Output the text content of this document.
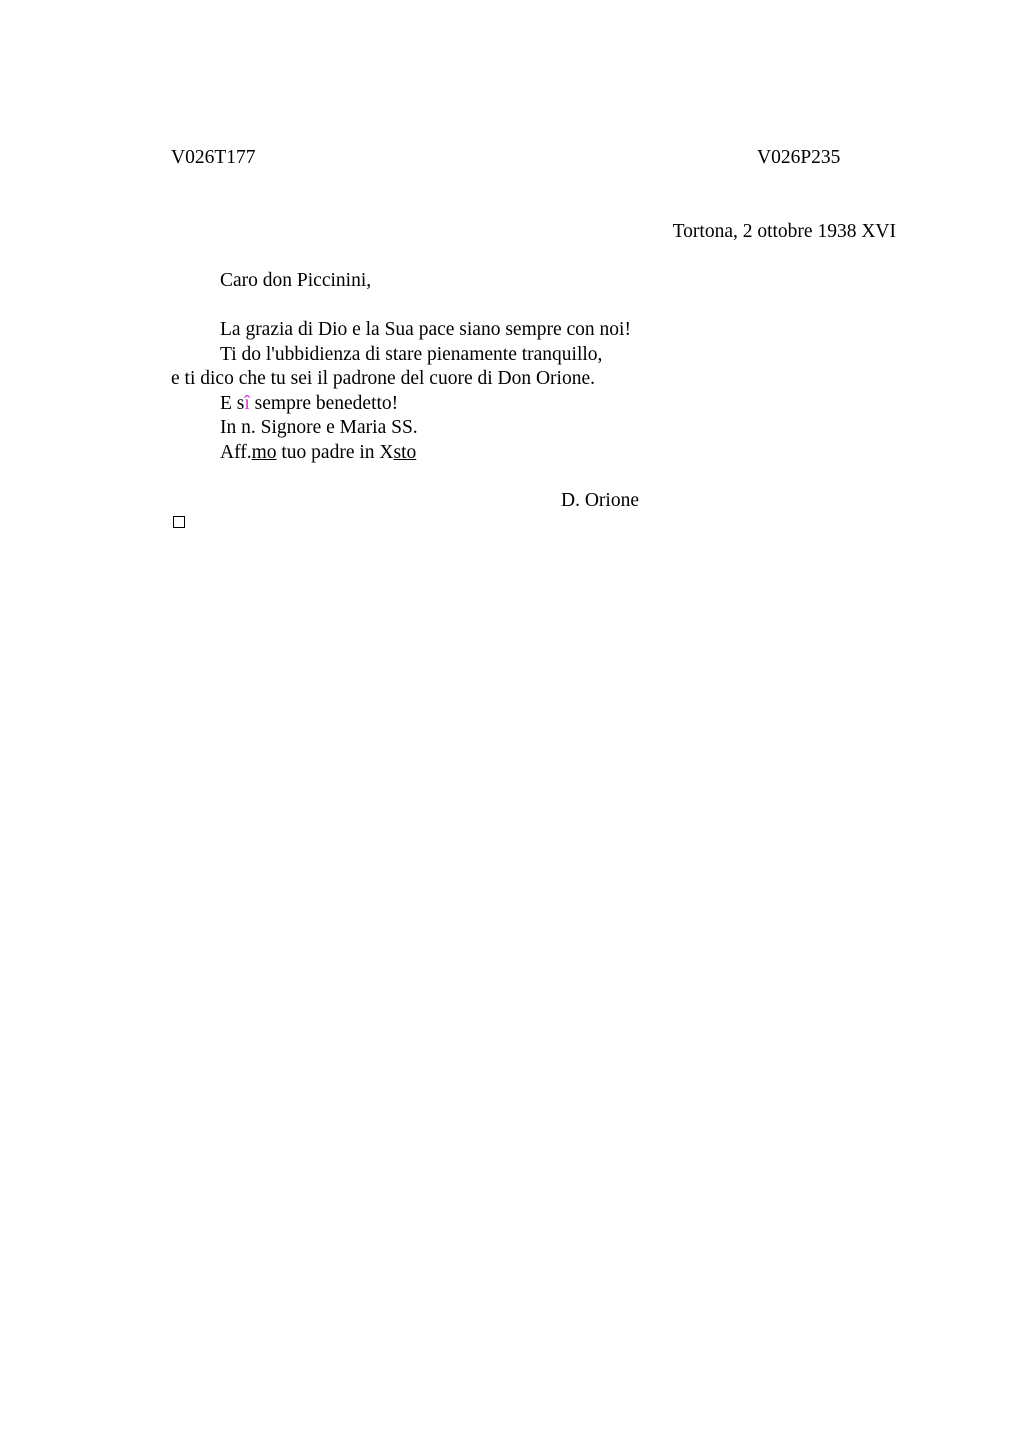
V026T177	V026P235
Tortona, 2 ottobre 1938 XVI
Caro don Piccinini,
La grazia di Dio e la Sua pace siano sempre con noi!
Ti do l'ubbidienza di stare pienamente tranquillo,
e ti dico che tu sei il padrone del cuore di Don Orione.
E sî sempre benedetto!
In n. Signore e Maria SS.
Aff.mo tuo padre in Xsto
D. Orione
